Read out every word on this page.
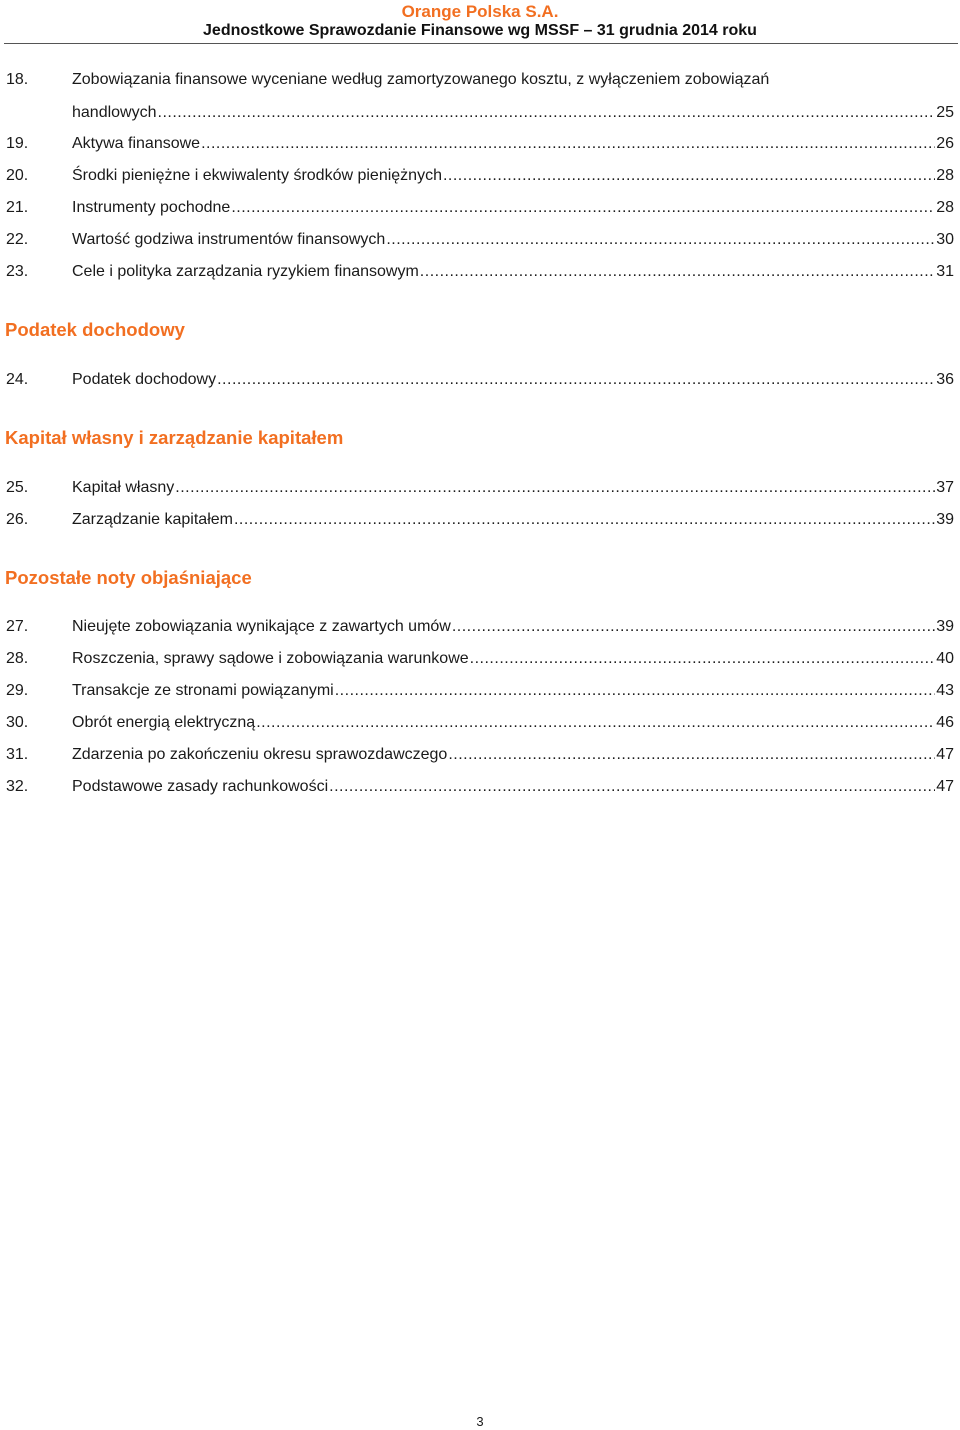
Orange Polska S.A.
Jednostkowe Sprawozdanie Finansowe wg MSSF – 31 grudnia 2014 roku
18.	Zobowiązania finansowe wyceniane według zamortyzowanego kosztu, z wyłączeniem zobowiązań
handlowych .....	25
19.	Aktywa finansowe .....	26
20.	Środki pieniężne i ekwiwalenty środków pieniężnych .....	28
21.	Instrumenty pochodne .....	28
22.	Wartość godziwa instrumentów finansowych .....	30
23.	Cele i polityka zarządzania ryzykiem finansowym .....	31
Podatek dochodowy
24.	Podatek dochodowy .....	36
Kapitał własny i zarządzanie kapitałem
25.	Kapitał własny .....	37
26.	Zarządzanie kapitałem .....	39
Pozostałe noty objaśniające
27.	Nieujęte zobowiązania wynikające z zawartych umów .....	39
28.	Roszczenia, sprawy sądowe i zobowiązania warunkowe .....	40
29.	Transakcje ze stronami powiązanymi .....	43
30.	Obrót energią elektryczną .....	46
31.	Zdarzenia po zakończeniu okresu sprawozdawczego .....	47
32.	Podstawowe zasady rachunkowości .....	47
3
